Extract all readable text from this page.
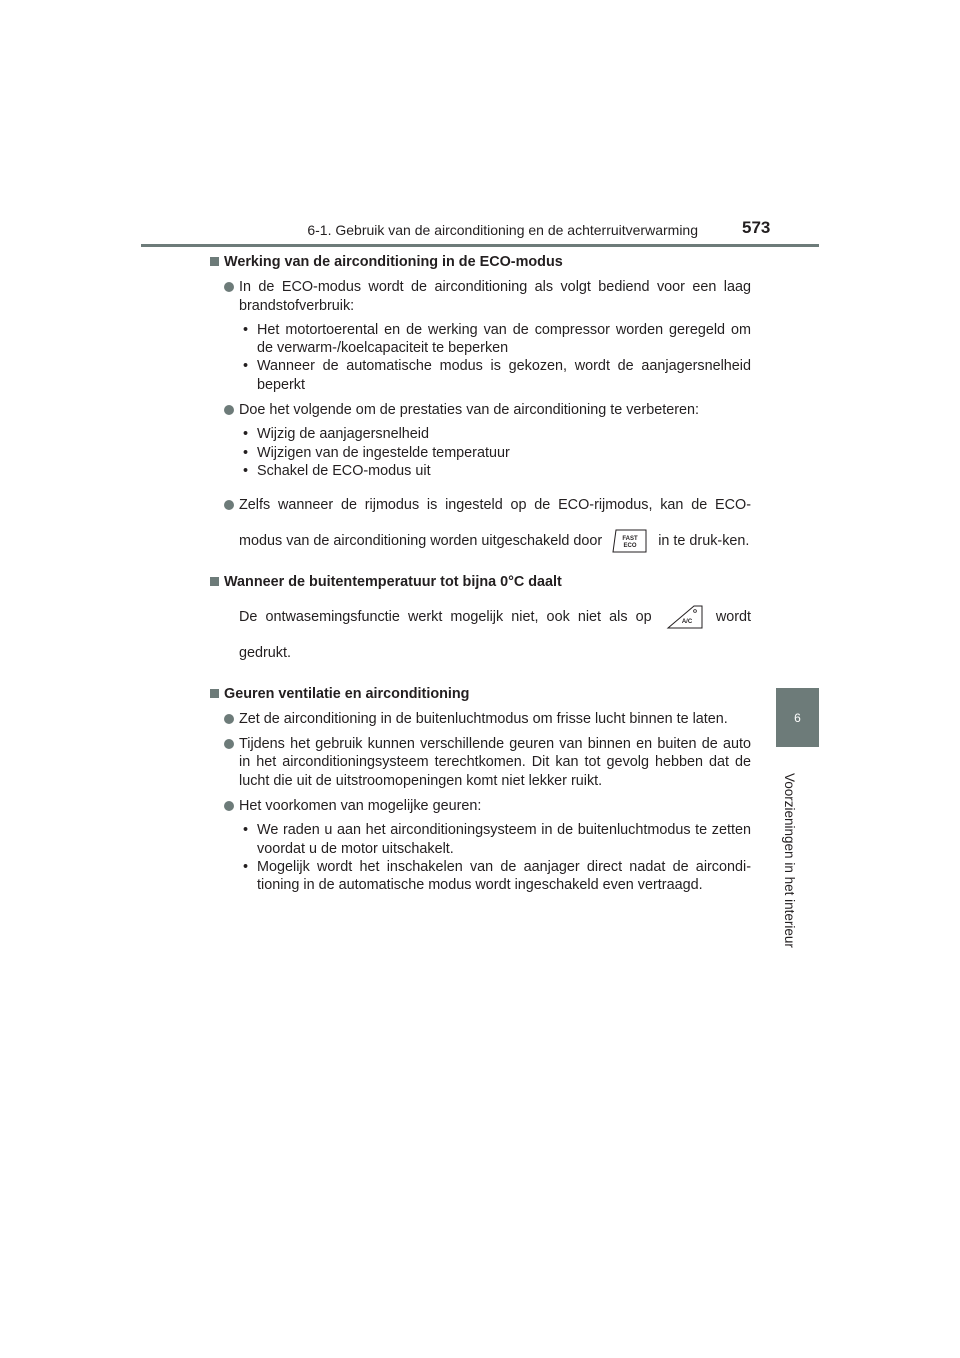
6-1. Gebruik van de airconditioning en de achterruitverwarming	573
6
Voorzieningen in het interieur
Werking van de airconditioning in de ECO-modus
In de ECO-modus wordt de airconditioning als volgt bediend voor een laag brandstofverbruik:
• Het motortoerental en de werking van de compressor worden geregeld om de verwarm-/koelcapaciteit te beperken
• Wanneer de automatische modus is gekozen, wordt de aanjagersnelheid beperkt
Doe het volgende om de prestaties van de airconditioning te verbeteren:
• Wijzig de aanjagersnelheid
• Wijzigen van de ingestelde temperatuur
• Schakel de ECO-modus uit
Zelfs wanneer de rijmodus is ingesteld op de ECO-rijmodus, kan de ECO-modus van de airconditioning worden uitgeschakeld door	FAST
ECO in te druk-ken.
Wanneer de buitentemperatuur tot bijna 0°C daalt
De ontwasemingsfunctie werkt mogelijk niet, ook niet als op	A/C wordt gedrukt.
Geuren ventilatie en airconditioning
Zet de airconditioning in de buitenluchtmodus om frisse lucht binnen te laten.
Tijdens het gebruik kunnen verschillende geuren van binnen en buiten de auto in het airconditioningsysteem terechtkomen. Dit kan tot gevolg hebben dat de lucht die uit de uitstroomopeningen komt niet lekker ruikt.
Het voorkomen van mogelijke geuren:
• We raden u aan het airconditioningsysteem in de buitenluchtmodus te zetten voordat u de motor uitschakelt.
• Mogelijk wordt het inschakelen van de aanjager direct nadat de aircondi-tioning in de automatische modus wordt ingeschakeld even vertraagd.
